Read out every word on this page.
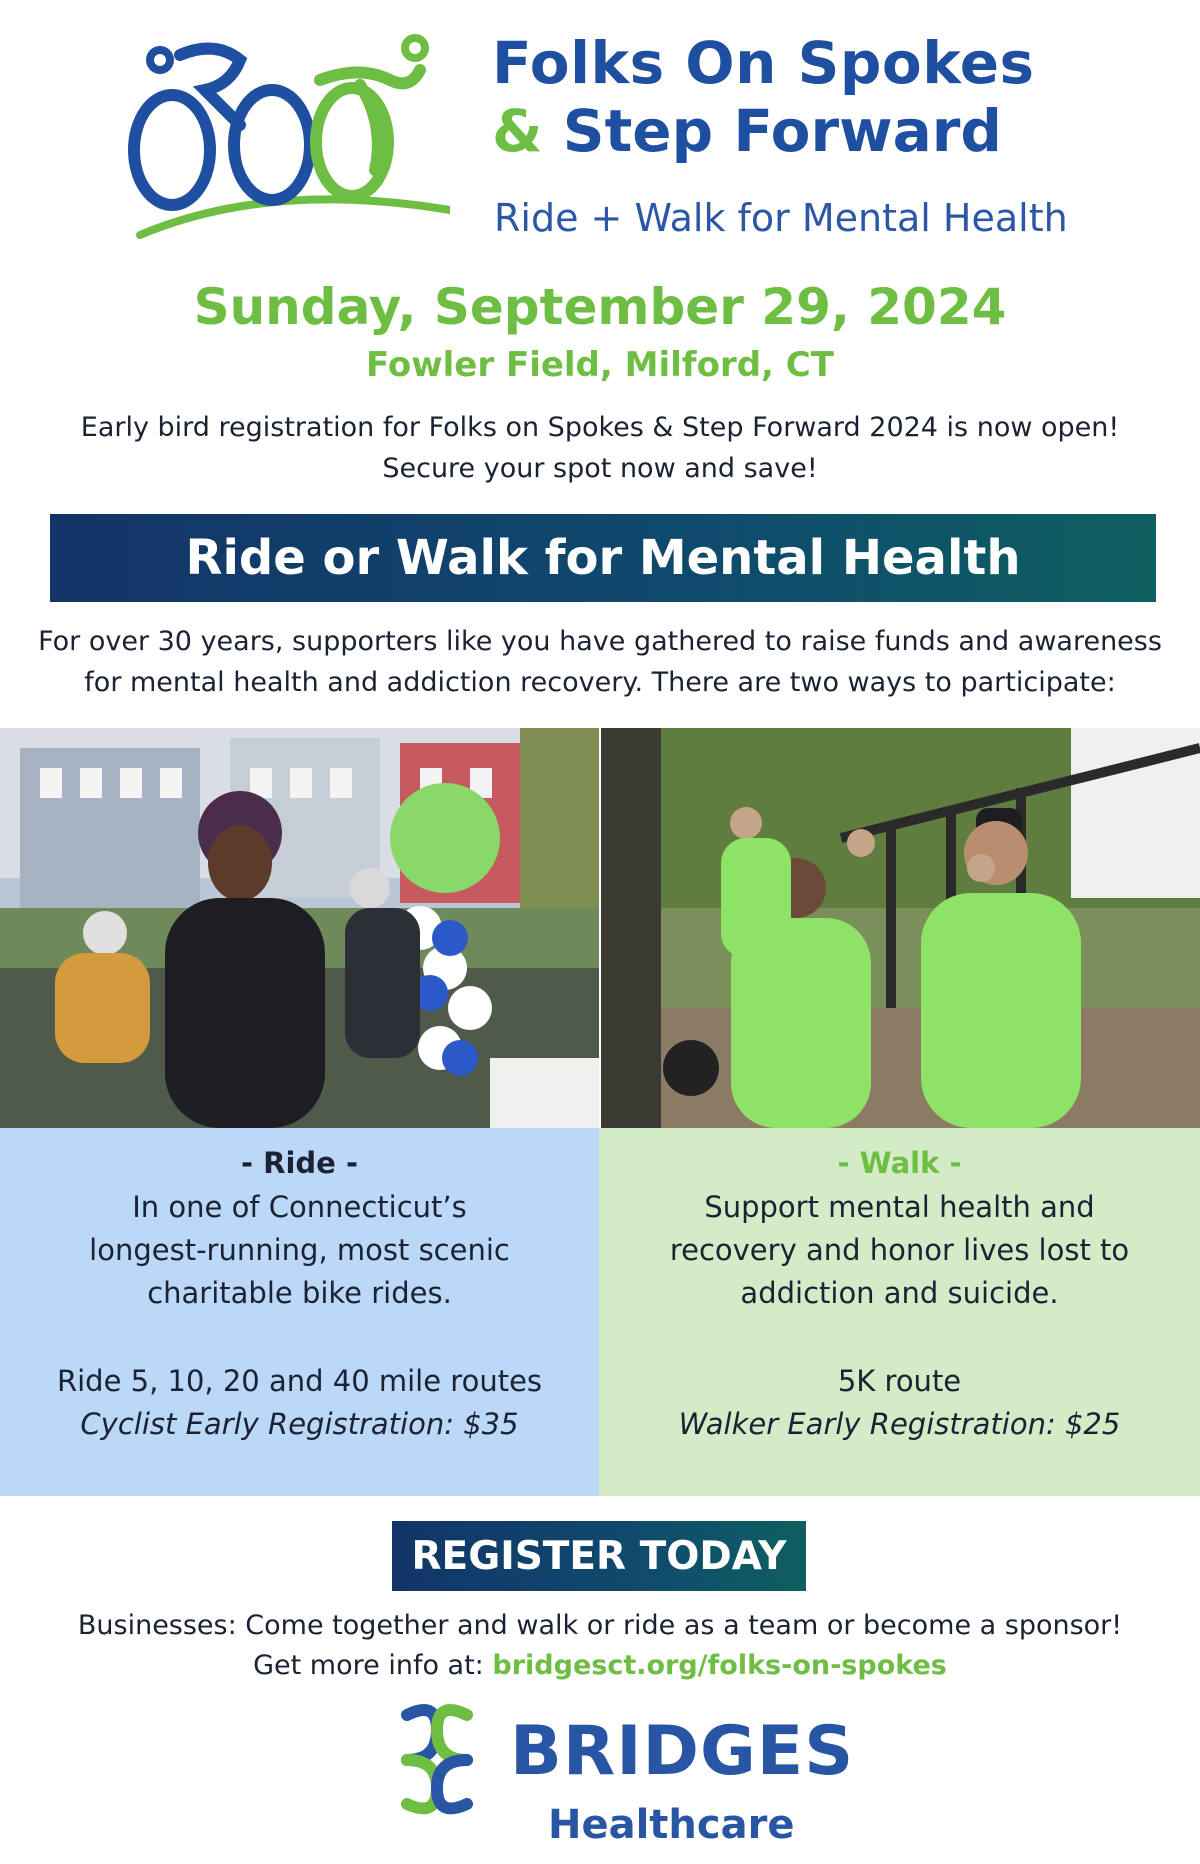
Folks On Spokes
& Step Forward
Ride + Walk for Mental Health
Sunday, September 29, 2024
Fowler Field, Milford, CT
Early bird registration for Folks on Spokes & Step Forward 2024 is now open!
Secure your spot now and save!
Ride or Walk for Mental Health
For over 30 years, supporters like you have gathered to raise funds and awareness
for mental health and addiction recovery. There are two ways to participate:
- Ride -
In one of Connecticut’s
longest-running, most scenic
charitable bike rides.
Ride 5, 10, 20 and 40 mile routes
Cyclist Early Registration: $35
- Walk -
Support mental health and
recovery and honor lives lost to
addiction and suicide.
5K route
Walker Early Registration: $25
REGISTER TODAY
Businesses: Come together and walk or ride as a team or become a sponsor!
Get more info at: bridgesct.org/folks-on-spokes
BRIDGES
Healthcare
